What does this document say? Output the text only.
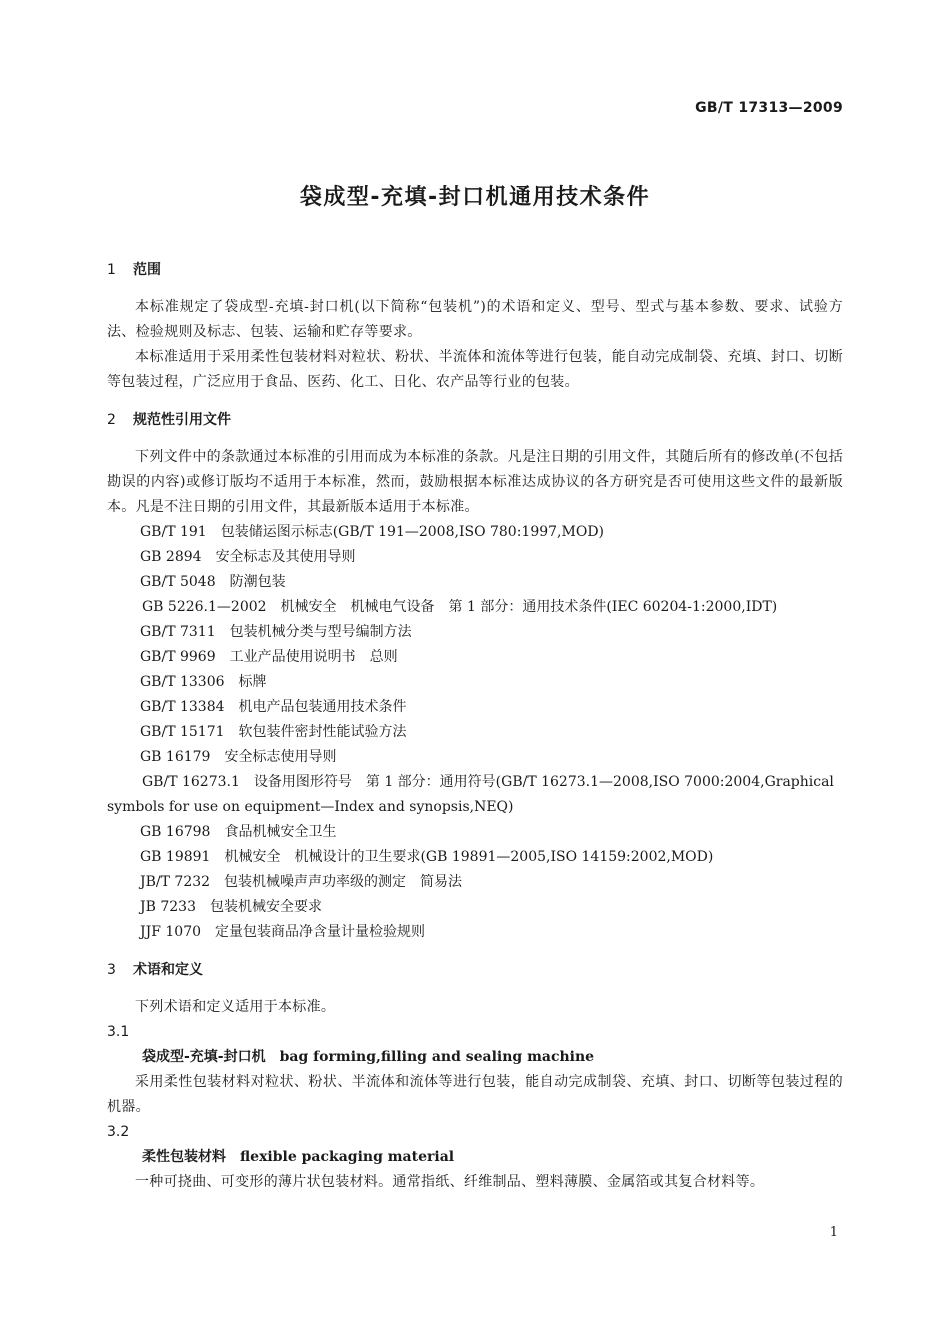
GB/T 17313—2009
袋成型-充填-封口机通用技术条件
1 范围
本标准规定了袋成型-充填-封口机(以下简称“包装机”)的术语和定义、型号、型式与基本参数、要求、试验方法、检验规则及标志、包装、运输和贮存等要求。
本标准适用于采用柔性包装材料对粒状、粉状、半流体和流体等进行包装，能自动完成制袋、充填、封口、切断等包装过程，广泛应用于食品、医药、化工、日化、农产品等行业的包装。
2 规范性引用文件
下列文件中的条款通过本标准的引用而成为本标准的条款。凡是注日期的引用文件，其随后所有的修改单(不包括勘误的内容)或修订版均不适用于本标准，然而，鼓励根据本标准达成协议的各方研究是否可使用这些文件的最新版本。凡是不注日期的引用文件，其最新版本适用于本标准。
GB/T 191 包装储运图示标志(GB/T 191—2008,ISO 780:1997,MOD)
GB 2894 安全标志及其使用导则
GB/T 5048 防潮包装
GB 5226.1—2002 机械安全　机械电气设备　第 1 部分：通用技术条件(IEC 60204-1:2000,IDT)
GB/T 7311 包装机械分类与型号编制方法
GB/T 9969 工业产品使用说明书　总则
GB/T 13306 标牌
GB/T 13384 机电产品包装通用技术条件
GB/T 15171 软包装件密封性能试验方法
GB 16179 安全标志使用导则
GB/T 16273.1 设备用图形符号　第 1 部分：通用符号(GB/T 16273.1—2008,ISO 7000:2004,Graphical symbols for use on equipment—Index and synopsis,NEQ)
GB 16798 食品机械安全卫生
GB 19891 机械安全　机械设计的卫生要求(GB 19891—2005,ISO 14159:2002,MOD)
JB/T 7232 包装机械噪声声功率级的测定　简易法
JB 7233 包装机械安全要求
JJF 1070 定量包装商品净含量计量检验规则
3 术语和定义
下列术语和定义适用于本标准。
3.1
袋成型-充填-封口机 bag forming,filling and sealing machine
采用柔性包装材料对粒状、粉状、半流体和流体等进行包装，能自动完成制袋、充填、封口、切断等包装过程的机器。
3.2
柔性包装材料 flexible packaging material
一种可挠曲、可变形的薄片状包装材料。通常指纸、纤维制品、塑料薄膜、金属箔或其复合材料等。
1
